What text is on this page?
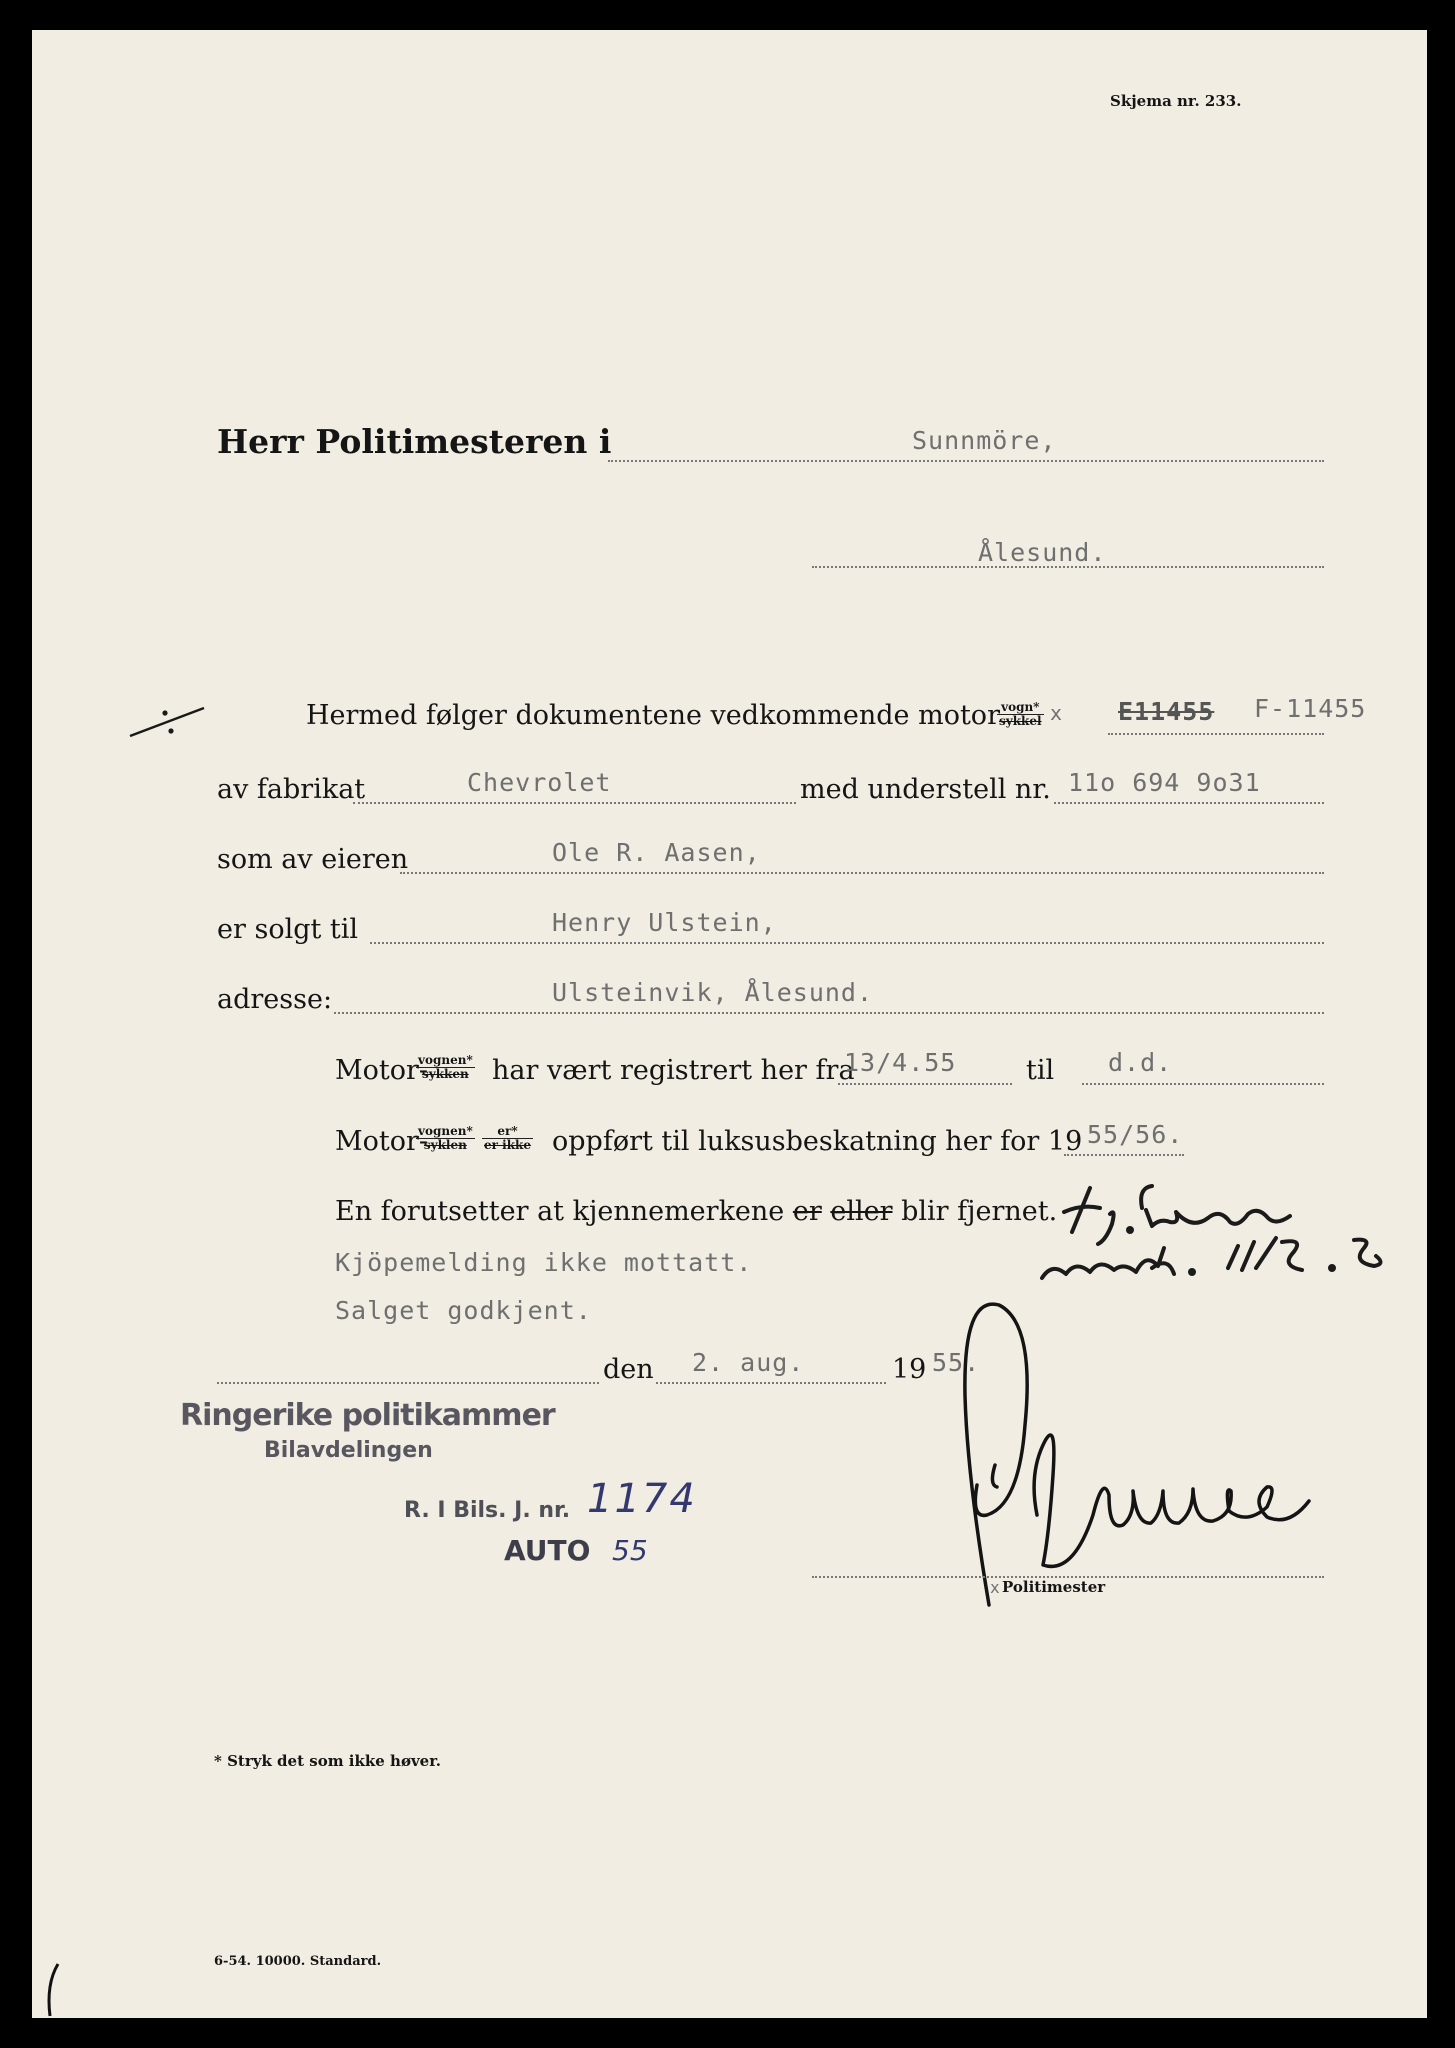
Skjema nr. 233.
Herr Politimesteren i	Sunnmöre,
Ålesund.
Hermed følger dokumentene vedkommende motor vogn*
sykkel x E11455 F-11455
av fabrikat	Chevrolet	med understell nr. 11o 694 9o31
som av eieren	Ole R. Aasen,
er solgt til	Henry Ulstein,
adresse:	Ulsteinvik, Ålesund.
Motor-
vognen*
sykken har vært registrert her fra
13/4.55	til d.d.
Motor-
vognen*
syklen
er*
er ikke oppført til luksusbeskatning her for 19 55/56.
En forutsetter at kjennemerkene er eller blir fjernet.
Kjöpemelding ikke mottatt.
Salget godkjent.
den 2. aug.	19 55.
Ringerike politikammer
Bilavdelingen
R. I Bils. J. nr. 1174
AUTO 55
x Politimester
* Stryk det som ikke høver.
6-54. 10000. Standard.
